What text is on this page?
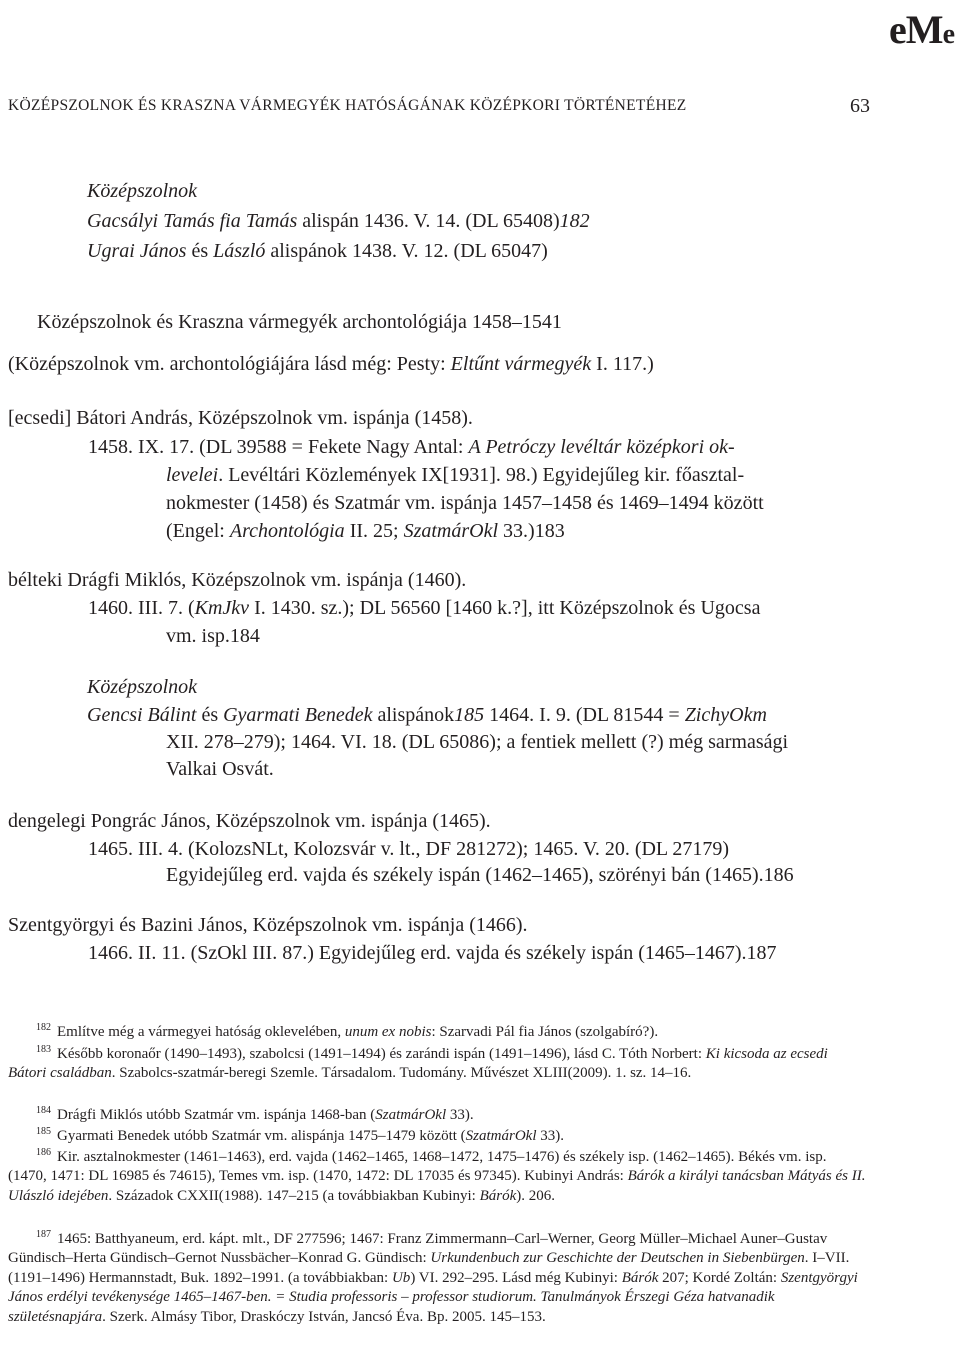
eMe
KÖZÉPSZOLNOK ÉS KRASZNA VÁRMEGYÉK HATÓSÁGÁNAK KÖZÉPKORI TÖRTÉNETÉHEZ	63
Középszolnok
Gacsályi Tamás fia Tamás alispán 1436. V. 14. (DL 65408)182
Ugrai János és László alispánok 1438. V. 12. (DL 65047)
Középszolnok és Kraszna vármegyék archontológiája 1458–1541
(Középszolnok vm. archontológiájára lásd még: Pesty: Eltűnt vármegyék I. 117.)
[ecsedi] Bátori András, Középszolnok vm. ispánja (1458).
1458. IX. 17. (DL 39588 = Fekete Nagy Antal: A Petróczy levéltár középkori ok-
levelei. Levéltári Közlemények IX[1931]. 98.) Egyidejűleg kir. főasztal-
nokmester (1458) és Szatmár vm. ispánja 1457–1458 és 1469–1494 között
(Engel: Archontológia II. 25; SzatmárOkl 33.)183
bélteki Drágfi Miklós, Középszolnok vm. ispánja (1460).
1460. III. 7. (KmJkv I. 1430. sz.); DL 56560 [1460 k.?], itt Középszolnok és Ugocsa
vm. isp.184
Középszolnok
Gencsi Bálint és Gyarmati Benedek alispánok185 1464. I. 9. (DL 81544 = ZichyOkm
XII. 278–279); 1464. VI. 18. (DL 65086); a fentiek mellett (?) még sarmasági
Valkai Osvát.
dengelegi Pongrác János, Középszolnok vm. ispánja (1465).
1465. III. 4. (KolozsNLt, Kolozsvár v. lt., DF 281272); 1465. V. 20. (DL 27179)
Egyidejűleg erd. vajda és székely ispán (1462–1465), szörényi bán (1465).186
Szentgyörgyi és Bazini János, Középszolnok vm. ispánja (1466).
1466. II. 11. (SzOkl III. 87.) Egyidejűleg erd. vajda és székely ispán (1465–1467).187
$^{182}$ Említve még a vármegyei hatóság oklevelében, unum ex nobis: Szarvadi Pál fia János (szolgabíró?).
$^{183}$ Később koronaőr (1490–1493), szabolcsi (1491–1494) és zarándi ispán (1491–1496), lásd C. Tóth Norbert: Ki kicsoda az ecsedi Bátori családban. Szabolcs-szatmár-beregi Szemle. Társadalom. Tudomány. Művészet XLIII(2009). 1. sz. 14–16.
$^{184}$ Drágfi Miklós utóbb Szatmár vm. ispánja 1468-ban (SzatmárOkl 33).
$^{185}$ Gyarmati Benedek utóbb Szatmár vm. alispánja 1475–1479 között (SzatmárOkl 33).
$^{186}$ Kir. asztalnokmester (1461–1463), erd. vajda (1462–1465, 1468–1472, 1475–1476) és székely isp. (1462–1465). Békés vm. isp. (1470, 1471: DL 16985 és 74615), Temes vm. isp. (1470, 1472: DL 17035 és 97345). Kubinyi András: Bárók a királyi tanácsban Mátyás és II. Ulászló idejében. Századok CXXII(1988). 147–215 (a továbbiakban Kubinyi: Bárók). 206.
$^{187}$ 1465: Batthyaneum, erd. kápt. mlt., DF 277596; 1467: Franz Zimmermann–Carl–Werner, Georg Müller–Michael Auner–Gustav Gündisch–Herta Gündisch–Gernot Nussbächer–Konrad G. Gündisch: Urkundenbuch zur Geschichte der Deutschen in Siebenbürgen. I–VII. (1191–1496) Hermannstadt, Buk. 1892–1991. (a továbbiakban: Ub) VI. 292–295. Lásd még Kubinyi: Bárók 207; Kordé Zoltán: Szentgyörgyi János erdélyi tevékenysége 1465–1467-ben. = Studia professoris – professor studiorum. Tanulmányok Érszegi Géza hatvanadik születésnapjára. Szerk. Almásy Tibor, Draskóczy István, Jancsó Éva. Bp. 2005. 145–153.
